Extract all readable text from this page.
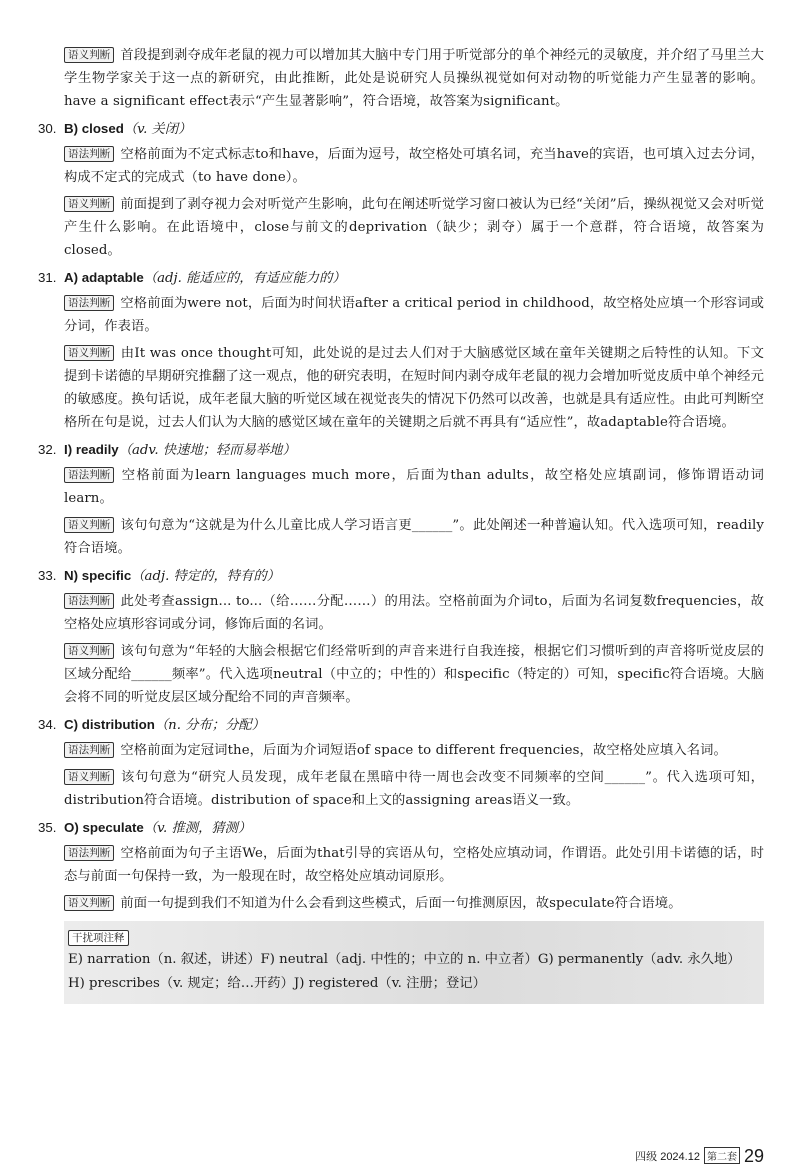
语义判断 首段提到剥夺成年老鼠的视力可以增加其大脑中专门用于听觉部分的单个神经元的灵敏度，并介绍了马里兰大学生物学家关于这一点的新研究，由此推断，此处是说研究人员操纵视觉如何对动物的听觉能力产生显著的影响。have a significant effect表示“产生显著影响”，符合语境，故答案为significant。

30. B) closed（v. 关闭）

语法判断 空格前面为不定式标志to和have，后面为逗号，故空格处可填名词，充当have的宾语，也可填入过去分词，构成不定式的完成式（to have done）。

语义判断 前面提到了剥夺视力会对听觉产生影响，此句在阐述听觉学习窗口被认为已经“关闭”后，操纵视觉又会对听觉产生什么影响。在此语境中，close与前文的deprivation（缺少；剥夺）属于一个意群，符合语境，故答案为closed。

31. A) adaptable（adj. 能适应的，有适应能力的）

语法判断 空格前面为were not，后面为时间状语after a critical period in childhood，故空格处应填一个形容词或分词，作表语。

语义判断 由It was once thought可知，此处说的是过去人们对于大脑感觉区域在童年关键期之后特性的认知。下文提到卡诺德的早期研究推翻了这一观点，他的研究表明，在短时间内剥夺成年老鼠的视力会增加听觉皮质中单个神经元的敏感度。换句话说，成年老鼠大脑的听觉区域在视觉丧失的情况下仍然可以改善，也就是具有适应性。由此可判断空格所在句是说，过去人们认为大脑的感觉区域在童年的关键期之后就不再具有“适应性”，故adaptable符合语境。

32. I) readily（adv. 快速地；轻而易举地）

语法判断 空格前面为learn languages much more，后面为than adults，故空格处应填副词，修饰谓语动词learn。

语义判断 该句句意为“这就是为什么儿童比成人学习语言更______”。此处阐述一种普遍认知。代入选项可知，readily符合语境。

33. N) specific（adj. 特定的，特有的）

语法判断 此处考查assign... to...（给……分配……）的用法。空格前面为介词to，后面为名词复数frequencies，故空格处应填形容词或分词，修饰后面的名词。

语义判断 该句句意为“年轻的大脑会根据它们经常听到的声音来进行自我连接，根据它们习惯听到的声音将听觉皮层的区域分配给______频率”。代入选项neutral（中立的；中性的）和specific（特定的）可知，specific符合语境。大脑会将不同的听觉皮层区域分配给不同的声音频率。

34. C) distribution（n. 分布；分配）

语法判断 空格前面为定冠词the，后面为介词短语of space to different frequencies，故空格处应填入名词。

语义判断 该句句意为“研究人员发现，成年老鼠在黑暗中待一周也会改变不同频率的空间______”。代入选项可知，distribution符合语境。distribution of space和上文的assigning areas语义一致。

35. O) speculate（v. 推测，猜测）

语法判断 空格前面为句子主语We，后面为that引导的宾语从句，空格处应填动词，作谓语。此处引用卡诺德的话，时态与前面一句保持一致，为一般现在时，故空格处应填动词原形。

语义判断 前面一句提到我们不知道为什么会看到这些模式，后面一句推测原因，故speculate符合语境。

干扰项注释
E) narration（n. 叙述，讲述）F) neutral（adj. 中性的；中立的 n. 中立者）G) permanently（adv. 永久地）
H) prescribes（v. 规定；给…开药）J) registered（v. 注册；登记）
四级 2024.12 第二套 29
